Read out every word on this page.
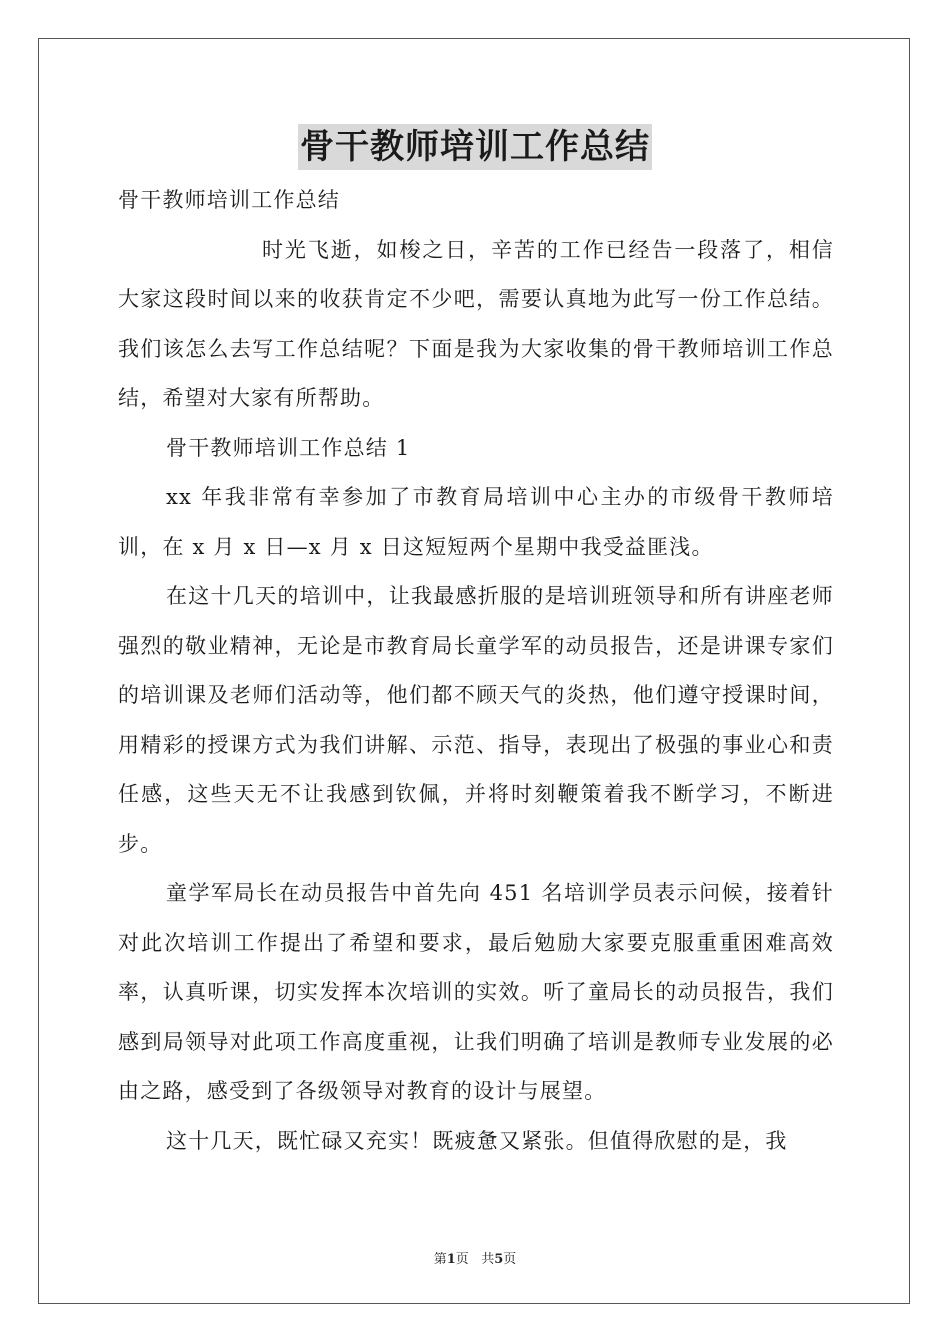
骨干教师培训工作总结

骨干教师培训工作总结

时光飞逝，如梭之日，辛苦的工作已经告一段落了，相信大家这段时间以来的收获肯定不少吧，需要认真地为此写一份工作总结。我们该怎么去写工作总结呢？下面是我为大家收集的骨干教师培训工作总结，希望对大家有所帮助。

骨干教师培训工作总结 1

xx 年我非常有幸参加了市教育局培训中心主办的市级骨干教师培训，在 x 月 x 日—x 月 x 日这短短两个星期中我受益匪浅。

在这十几天的培训中，让我最感折服的是培训班领导和所有讲座老师强烈的敬业精神，无论是市教育局长童学军的动员报告，还是讲课专家们的培训课及老师们活动等，他们都不顾天气的炎热，他们遵守授课时间，用精彩的授课方式为我们讲解、示范、指导，表现出了极强的事业心和责任感，这些天无不让我感到钦佩，并将时刻鞭策着我不断学习，不断进步。

童学军局长在动员报告中首先向 451 名培训学员表示问候，接着针对此次培训工作提出了希望和要求，最后勉励大家要克服重重困难高效率，认真听课，切实发挥本次培训的实效。听了童局长的动员报告，我们感到局领导对此项工作高度重视，让我们明确了培训是教师专业发展的必由之路，感受到了各级领导对教育的设计与展望。

这十几天，既忙碌又充实！既疲惫又紧张。但值得欣慰的是，我

第1页 共5页
